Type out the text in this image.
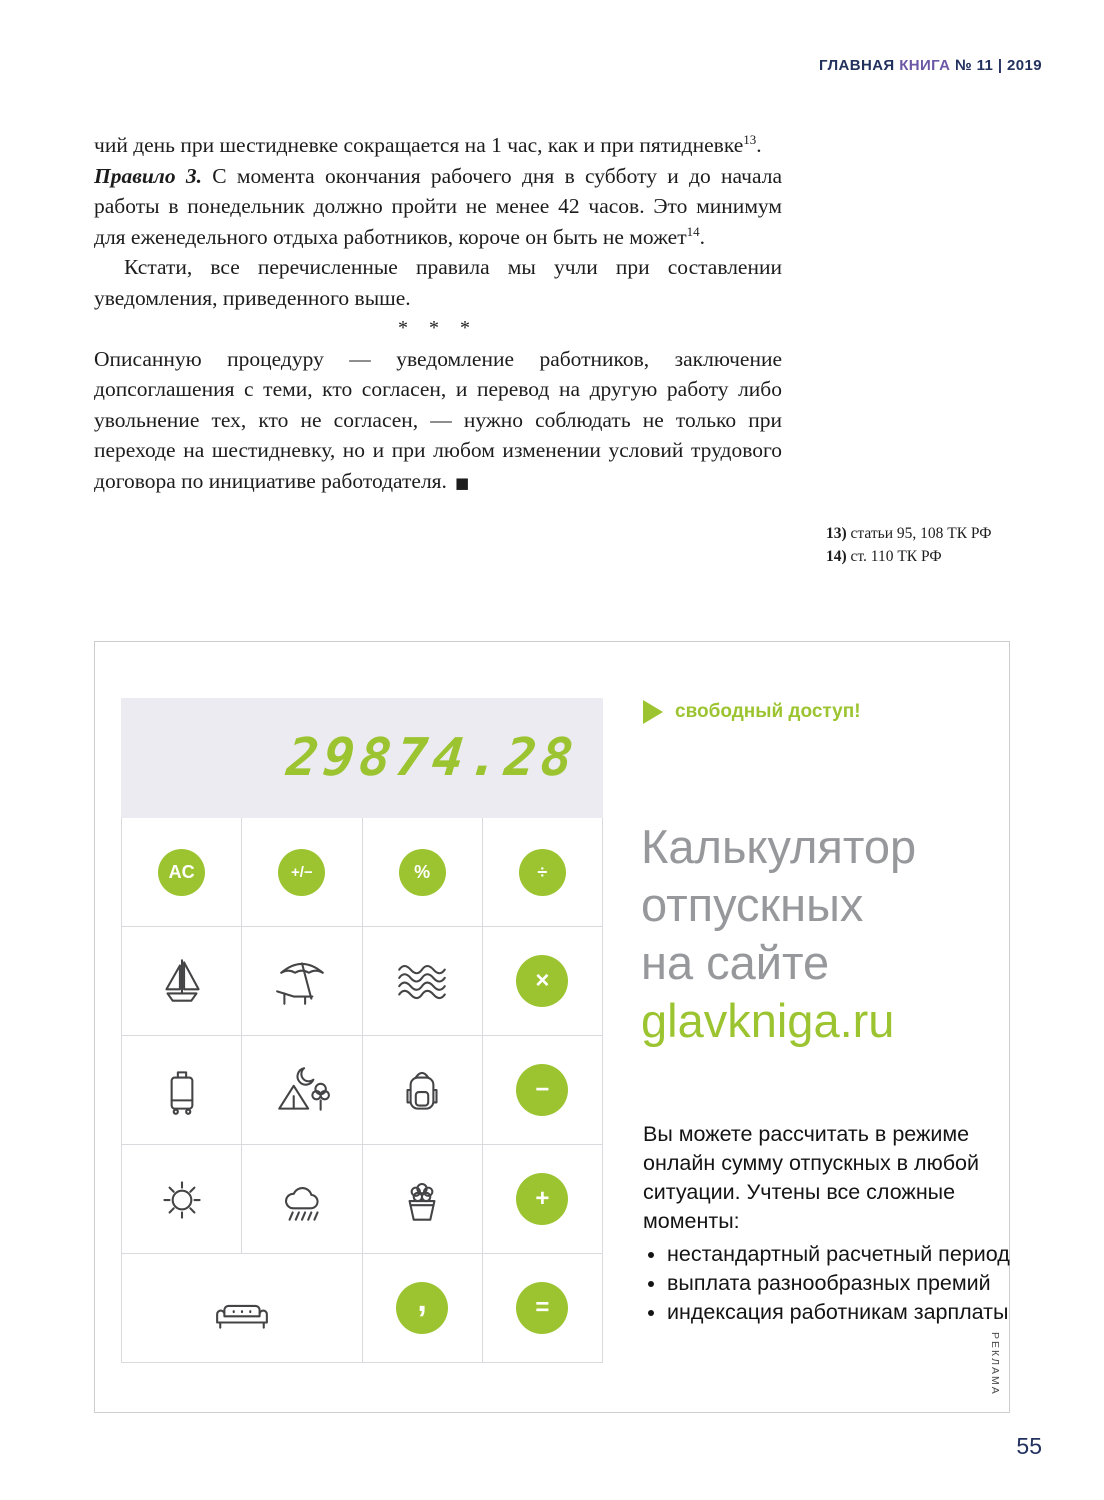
ГЛАВНАЯ КНИГА № 11 | 2019

чий день при шестидневке сокращается на 1 час, как и при пятидневке$^{13}$.

Правило 3. С момента окончания рабочего дня в субботу и до начала работы в понедельник должно пройти не менее 42 часов. Это минимум для еженедельного отдыха работников, короче он быть не может$^{14}$.

Кстати, все перечисленные правила мы учли при составлении уведомления, приведенного выше.

* * *

Описанную процедуру — уведомление работников, заключение допсоглашения с теми, кто согласен, и перевод на другую работу либо увольнение тех, кто не согласен, — нужно соблюдать не только при переходе на шестидневку, но и при любом изменении условий трудового договора по инициативе работодателя. ■

13) статьи 95, 108 ТК РФ
14) ст. 110 ТК РФ
29874.28
AC	+/−	%	÷
×
−
+
,	=
свободный доступ!
Калькулятор
отпускных
на сайте
glavkniga.ru

Вы можете рассчитать в режиме онлайн сумму отпускных в любой ситуации. Учтены все сложные моменты:

• нестандартный расчетный период
• выплата разнообразных премий
• индексация работникам зарплаты
РЕКЛАМА
55
